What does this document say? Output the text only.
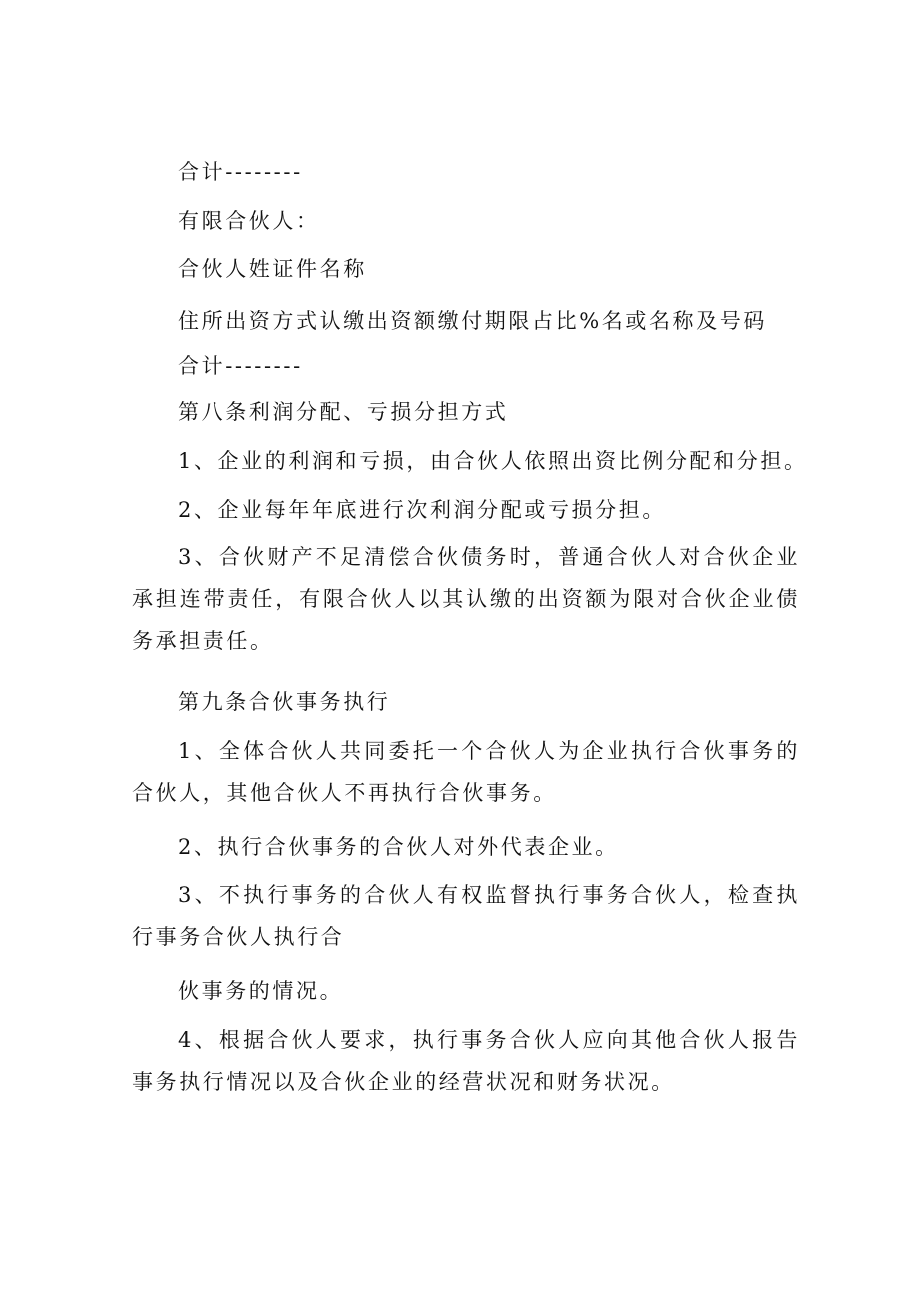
合计--------

有限合伙人：

合伙人姓证件名称

住所出资方式认缴出资额缴付期限占比%名或名称及号码

合计--------

第八条利润分配、亏损分担方式

1、企业的利润和亏损，由合伙人依照出资比例分配和分担。

2、企业每年年底进行次利润分配或亏损分担。

3、合伙财产不足清偿合伙债务时，普通合伙人对合伙企业承担连带责任，有限合伙人以其认缴的出资额为限对合伙企业债务承担责任。

第九条合伙事务执行

1、全体合伙人共同委托一个合伙人为企业执行合伙事务的合伙人，其他合伙人不再执行合伙事务。

2、执行合伙事务的合伙人对外代表企业。

3、不执行事务的合伙人有权监督执行事务合伙人，检查执行事务合伙人执行合

伙事务的情况。

4、根据合伙人要求，执行事务合伙人应向其他合伙人报告事务执行情况以及合伙企业的经营状况和财务状况。
